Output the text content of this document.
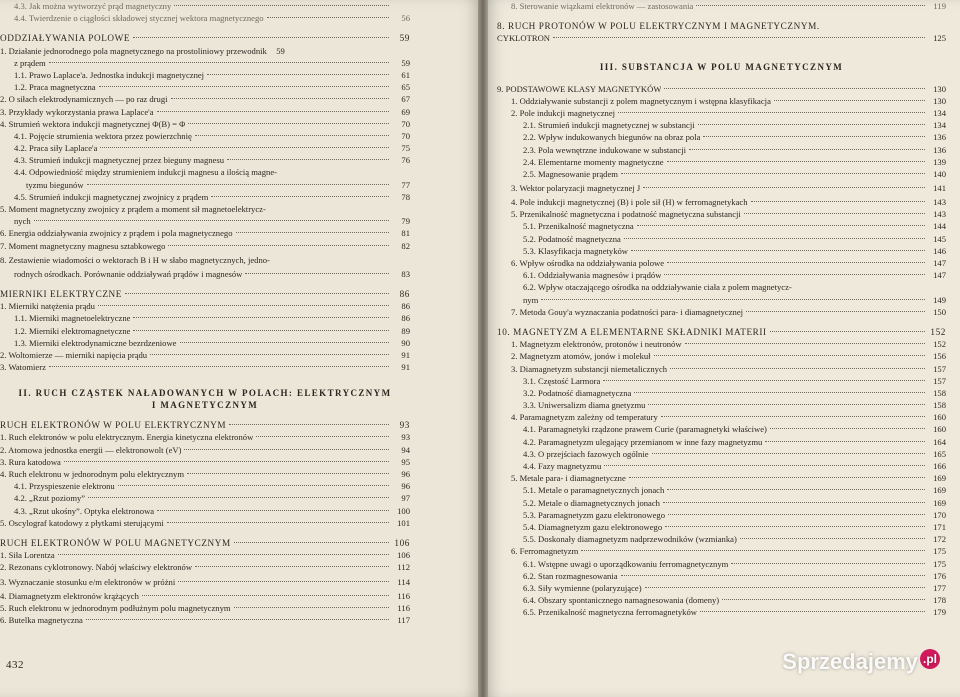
4.3. Jak można wytworzyć prąd magnetyczny
4.4. Twierdzenie o ciągłości składowej stycznej wektora magnetycznego	56
ODDZIAŁYWANIA POLOWE	59
1. Działanie jednorodnego pola magnetycznego na prostoliniowy przewodnik	59
z prądem	59
1.1. Prawo Laplace'a. Jednostka indukcji magnetycznej	61
1.2. Praca magnetyczna	65
2. O siłach elektrodynamicznych — po raz drugi	67
3. Przykłady wykorzystania prawa Laplace'a	69
4. Strumień wektora indukcji magnetycznej Φ(B) = Φ	70
4.1. Pojęcie strumienia wektora przez powierzchnię	70
4.2. Praca siły Laplace'a	75
4.3. Strumień indukcji magnetycznej przez bieguny magnesu	76
4.4. Odpowiedniość między strumieniem indukcji magnesu a ilością magne-
tyzmu biegunów	77
4.5. Strumień indukcji magnetycznej zwojnicy z prądem	78
5. Moment magnetyczny zwojnicy z prądem a moment sił magnetoelektrycz-
nych	79
6. Energia oddziaływania zwojnicy z prądem i pola magnetycznego	81
7. Moment magnetyczny magnesu sztabkowego	82
8. Zestawienie wiadomości o wektorach B i H w słabo magnetycznych, jedno-
rodnych ośrodkach. Porównanie oddziaływań prądów i magnesów	83
MIERNIKI ELEKTRYCZNE	86
1. Mierniki natężenia prądu	86
1.1. Mierniki magnetoelektryczne	86
1.2. Mierniki elektromagnetyczne	89
1.3. Mierniki elektrodynamiczne bezrdzeniowe	90
2. Woltomierze — mierniki napięcia prądu	91
3. Watomierz	91
II. RUCH CZĄSTEK NAŁADOWANYCH W POLACH: ELEKTRYCZNYM
I MAGNETYCZNYM
RUCH ELEKTRONÓW W POLU ELEKTRYCZNYM	93
1. Ruch elektronów w polu elektrycznym. Energia kinetyczna elektronów	93
2. Atomowa jednostka energii — elektronowolt (eV)	94
3. Rura katodowa	95
4. Ruch elektronu w jednorodnym polu elektrycznym	96
4.1. Przyspieszenie elektronu	96
4.2. „Rzut poziomy”	97
4.3. „Rzut ukośny”. Optyka elektronowa	100
5. Oscylograf katodowy z płytkami sterującymi	101
RUCH ELEKTRONÓW W POLU MAGNETYCZNYM	106
1. Siła Lorentza	106
2. Rezonans cyklotronowy. Nabój właściwy elektronów	112
3. Wyznaczanie stosunku e/m elektronów w próżni	114
4. Diamagnetyzm elektronów krążących	116
5. Ruch elektronu w jednorodnym podłużnym polu magnetycznym	116
6. Butelka magnetyczna	117
432
8. Sterowanie wiązkami elektronów — zastosowania	119
8. RUCH PROTONÓW W POLU ELEKTRYCZNYM I MAGNETYCZNYM.
CYKLOTRON	125
III. SUBSTANCJA W POLU MAGNETYCZNYM
9. PODSTAWOWE KLASY MAGNETYKÓW	130
1. Oddziaływanie substancji z polem magnetycznym i wstępna klasyfikacja	130
2. Pole indukcji magnetycznej	134
2.1. Strumień indukcji magnetycznej w substancji	134
2.2. Wpływ indukowanych biegunów na obraz pola	136
2.3. Pola wewnętrzne indukowane w substancji	136
2.4. Elementarne momenty magnetyczne	139
2.5. Magnesowanie prądem	140
3. Wektor polaryzacji magnetycznej J	141
4. Pole indukcji magnetycznej (B) i pole sił (H) w ferromagnetykach	143
5. Przenikalność magnetyczna i podatność magnetyczna substancji	143
5.1. Przenikalność magnetyczna	144
5.2. Podatność magnetyczna	145
5.3. Klasyfikacja magnetyków	146
6. Wpływ ośrodka na oddziaływania polowe	147
6.1. Oddziaływania magnesów i prądów	147
6.2. Wpływ otaczającego ośrodka na oddziaływanie ciała z polem magnetycz-
nym	149
7. Metoda Gouy'a wyznaczania podatności para- i diamagnetycznej	150
10. MAGNETYZM A ELEMENTARNE SKŁADNIKI MATERII	152
1. Magnetyzm elektronów, protonów i neutronów	152
2. Magnetyzm atomów, jonów i molekuł	156
3. Diamagnetyzm substancji niemetalicznych	157
3.1. Częstość Larmora	157
3.2. Podatność diamagnetyczna	158
3.3. Uniwersalizm diama gnetyzmu	158
4. Paramagnetyzm zależny od temperatury	160
4.1. Paramagnetyki rządzone prawem Curie (paramagnetyki właściwe)	160
4.2. Paramagnetyzm ulegający przemianom w inne fazy magnetyzmu	164
4.3. O przejściach fazowych ogólnie	165
4.4. Fazy magnetyzmu	166
5. Metale para- i diamagnetyczne	169
5.1. Metale o paramagnetycznych jonach	169
5.2. Metale o diamagnetycznych jonach	169
5.3. Paramagnetyzm gazu elektronowego	170
5.4. Diamagnetyzm gazu elektronowego	171
5.5. Doskonały diamagnetyzm nadprzewodników (wzmianka)	172
6. Ferromagnetyzm	175
6.1. Wstępne uwagi o uporządkowaniu ferromagnetycznym	175
6.2. Stan rozmagnesowania	176
6.3. Siły wymienne (polaryzujące)	177
6.4. Obszary spontanicznego namagnesowania (domeny)	178
6.5. Przenikalność magnetyczna ferromagnetyków	179
Sprzedajemy .pl
